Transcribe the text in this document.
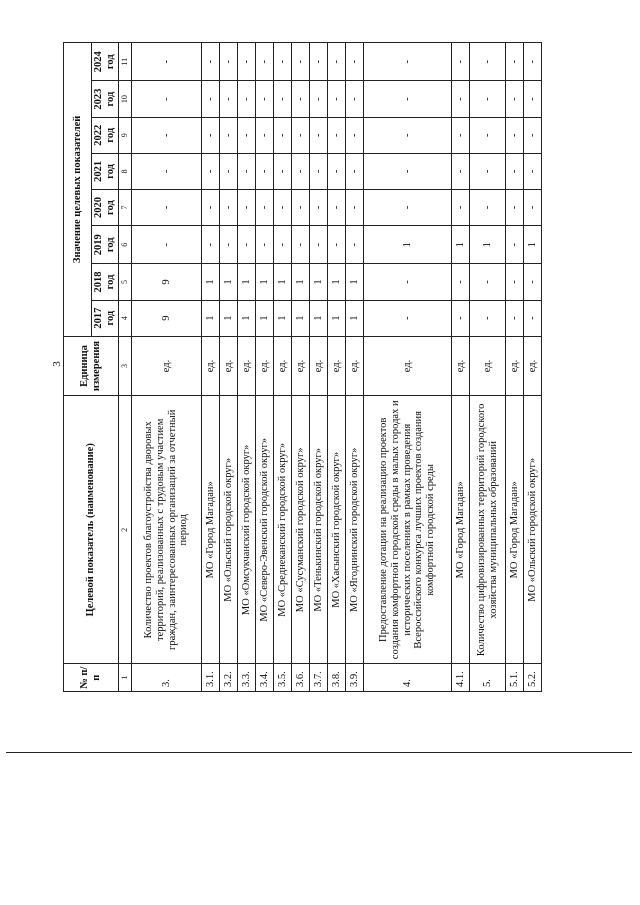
3
№ п/п	Целевой показатель (наименование)	Единица измерения	Значение целевых показателей							
			2017 год	2018 год	2019 год	2020 год	2021 год	2022 год	2023 год	2024 год
1	2	3	4	5	6	7	8	9	10	11
3.	Количество проектов благоустройства дворовых территорий, реализованных с трудовым участием граждан, заинтересованных организаций за отчетный период	ед.	9	9	-	-	-	-	-	-
3.1.	МО «Город Магадан»	ед.	1	1	-	-	-	-	-	-
3.2.	МО «Ольский городской округ»	ед.	1	1	-	-	-	-	-	-
3.3.	МО «Омсукчанский городской округ»	ед.	1	1	-	-	-	-	-	-
3.4.	МО «Северо-Эвенский городской округ»	ед.	1	1	-	-	-	-	-	-
3.5.	МО «Среднеканский городской округ»	ед.	1	1	-	-	-	-	-	-
3.6.	МО «Сусуманский городской округ»	ед.	1	1	-	-	-	-	-	-
3.7.	МО «Тенькинский городской округ»	ед.	1	1	-	-	-	-	-	-
3.8.	МО «Хасынский городской округ»	ед.	1	1	-	-	-	-	-	-
3.9.	МО «Ягоднинский городской округ»	ед.	1	1	-	-	-	-	-	-
4.	Предоставление дотации на реализацию проектов создания комфортной городской среды в малых городах и исторических поселениях в рамках проведения Всероссийского конкурса лучших проектов создания комфортной городской среды	ед.	-	-	1	-	-	-	-	-
4.1.	МО «Город Магадан»	ед.	-	-	1	-	-	-	-	-
5.	Количество цифровизированных территорий городского хозяйства муниципальных образований	ед.	-	-	1	-	-	-	-	-
5.1.	МО «Город Магадан»	ед.	-	-	-	-	-	-	-	-
5.2.	МО «Ольский городской округ»	ед.	-	-	1	-	-	-	-	-
